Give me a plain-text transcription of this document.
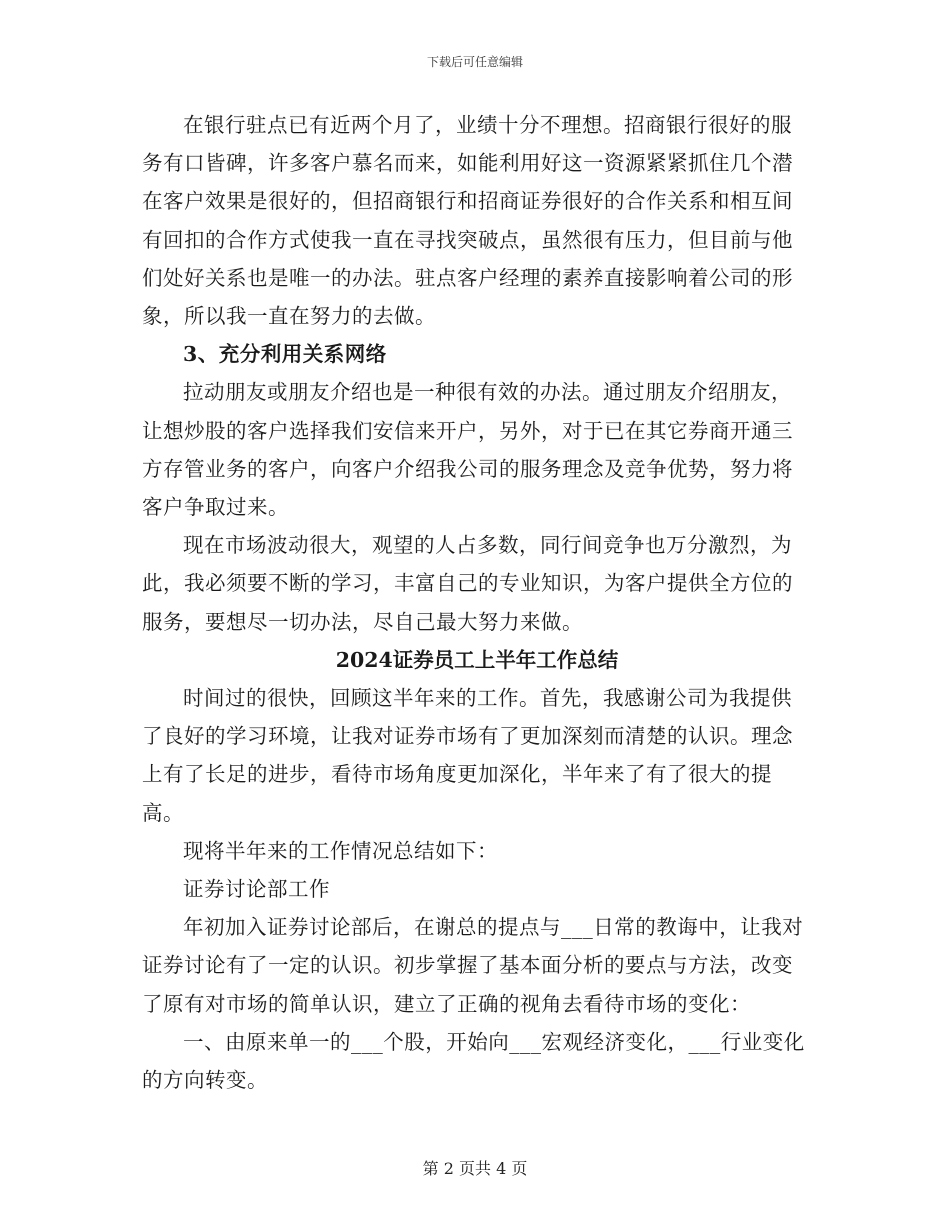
下载后可任意编辑

在银行驻点已有近两个月了，业绩十分不理想。招商银行很好的服务有口皆碑，许多客户慕名而来，如能利用好这一资源紧紧抓住几个潜在客户效果是很好的，但招商银行和招商证券很好的合作关系和相互间有回扣的合作方式使我一直在寻找突破点，虽然很有压力，但目前与他们处好关系也是唯一的办法。驻点客户经理的素养直接影响着公司的形象，所以我一直在努力的去做。

3、充分利用关系网络

拉动朋友或朋友介绍也是一种很有效的办法。通过朋友介绍朋友，让想炒股的客户选择我们安信来开户，另外，对于已在其它券商开通三方存管业务的客户，向客户介绍我公司的服务理念及竞争优势，努力将客户争取过来。

现在市场波动很大，观望的人占多数，同行间竞争也万分激烈，为此，我必须要不断的学习，丰富自己的专业知识，为客户提供全方位的服务，要想尽一切办法，尽自己最大努力来做。

2024证券员工上半年工作总结

时间过的很快，回顾这半年来的工作。首先，我感谢公司为我提供了良好的学习环境，让我对证券市场有了更加深刻而清楚的认识。理念上有了长足的进步，看待市场角度更加深化，半年来了有了很大的提高。

现将半年来的工作情况总结如下：

证券讨论部工作

年初加入证券讨论部后，在谢总的提点与___日常的教诲中，让我对证券讨论有了一定的认识。初步掌握了基本面分析的要点与方法，改变了原有对市场的简单认识，建立了正确的视角去看待市场的变化：

一、由原来单一的___个股，开始向___宏观经济变化，___行业变化的方向转变。

第 2 页共 4 页
